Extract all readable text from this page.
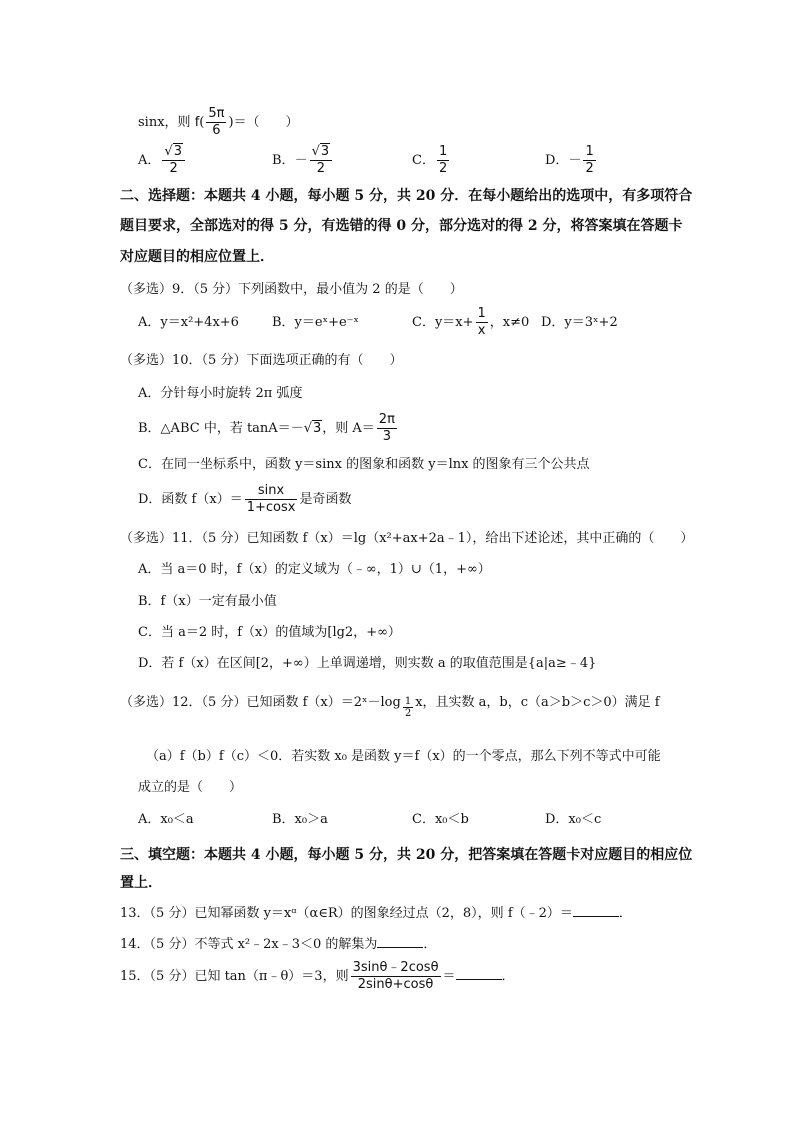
sinx，则 $f( \frac{5\pi}{6}$ )＝（　　）
A． $\frac{√3}{2}$	B．－ $\frac{√3}{2}$	C． $\frac{1}{2}$	D．－ $\frac{1}{2}$
二、选择题：本题共 4 小题，每小题 5 分，共 20 分．在每小题给出的选项中，有多项符合
题目要求，全部选对的得 5 分，有选错的得 0 分，部分选对的得 2 分，将答案填在答题卡
对应题目的相应位置上．
（多选）9．（5 分）下列函数中，最小值为 2 的是（　　）
A．y＝x²+4x+6	B．y＝eˣ+e⁻ˣ	C．$y=x+ \frac{1}{x}$ ，x≠0 D．y＝3ˣ+2
（多选）10．（5 分）下面选项正确的有（　　）
A．分针每小时旋转 2π 弧度
B．△ABC 中，若 tanA＝－√3，则 $A= \frac{2\pi}{3}$
C．在同一坐标系中，函数 y＝sinx 的图象和函数 y＝lnx 的图象有三个公共点
D．函数 $f(x)= \frac{\sin x}{1+\cos x}$ 是奇函数
（多选）11．（5 分）已知函数 f（x）＝lg（x²+ax+2a﹣1），给出下述论述，其中正确的（　　）
A．当 a＝0 时，f（x）的定义域为（﹣∞，1）∪（1，+∞）
B．f（x）一定有最小值
C．当 a＝2 时，f（x）的值域为[lg2，+∞）
D．若 f（x）在区间[2，+∞）上单调递增，则实数 a 的取值范围是{a|a≥﹣4}
（多选）12．（5 分）已知函数 f（x）＝2ˣ－log $\frac{1}{2}$ x，且实数 a，b，c（a＞b＞c＞0）满足 f
（a）f（b）f（c）＜0．若实数 x₀ 是函数 y＝f（x）的一个零点，那么下列不等式中可能
成立的是（　　）
A．x₀＜a	B．x₀＞a	C．x₀＜b	D．x₀＜c
三、填空题：本题共 4 小题，每小题 5 分，共 20 分，把答案填在答题卡对应题目的相应位
置上．
13．（5 分）已知幂函数 y＝xᵅ（α∈R）的图象经过点（2，8），则 f（﹣2）＝	．
14．（5 分）不等式 x²﹣2x﹣3＜0 的解集为	．
15．（5 分）已知 tan（π﹣θ）＝3，则 $\frac{3\sin\theta﹣2\cos\theta}{2\sin\theta+\cos\theta}$ ＝	．
